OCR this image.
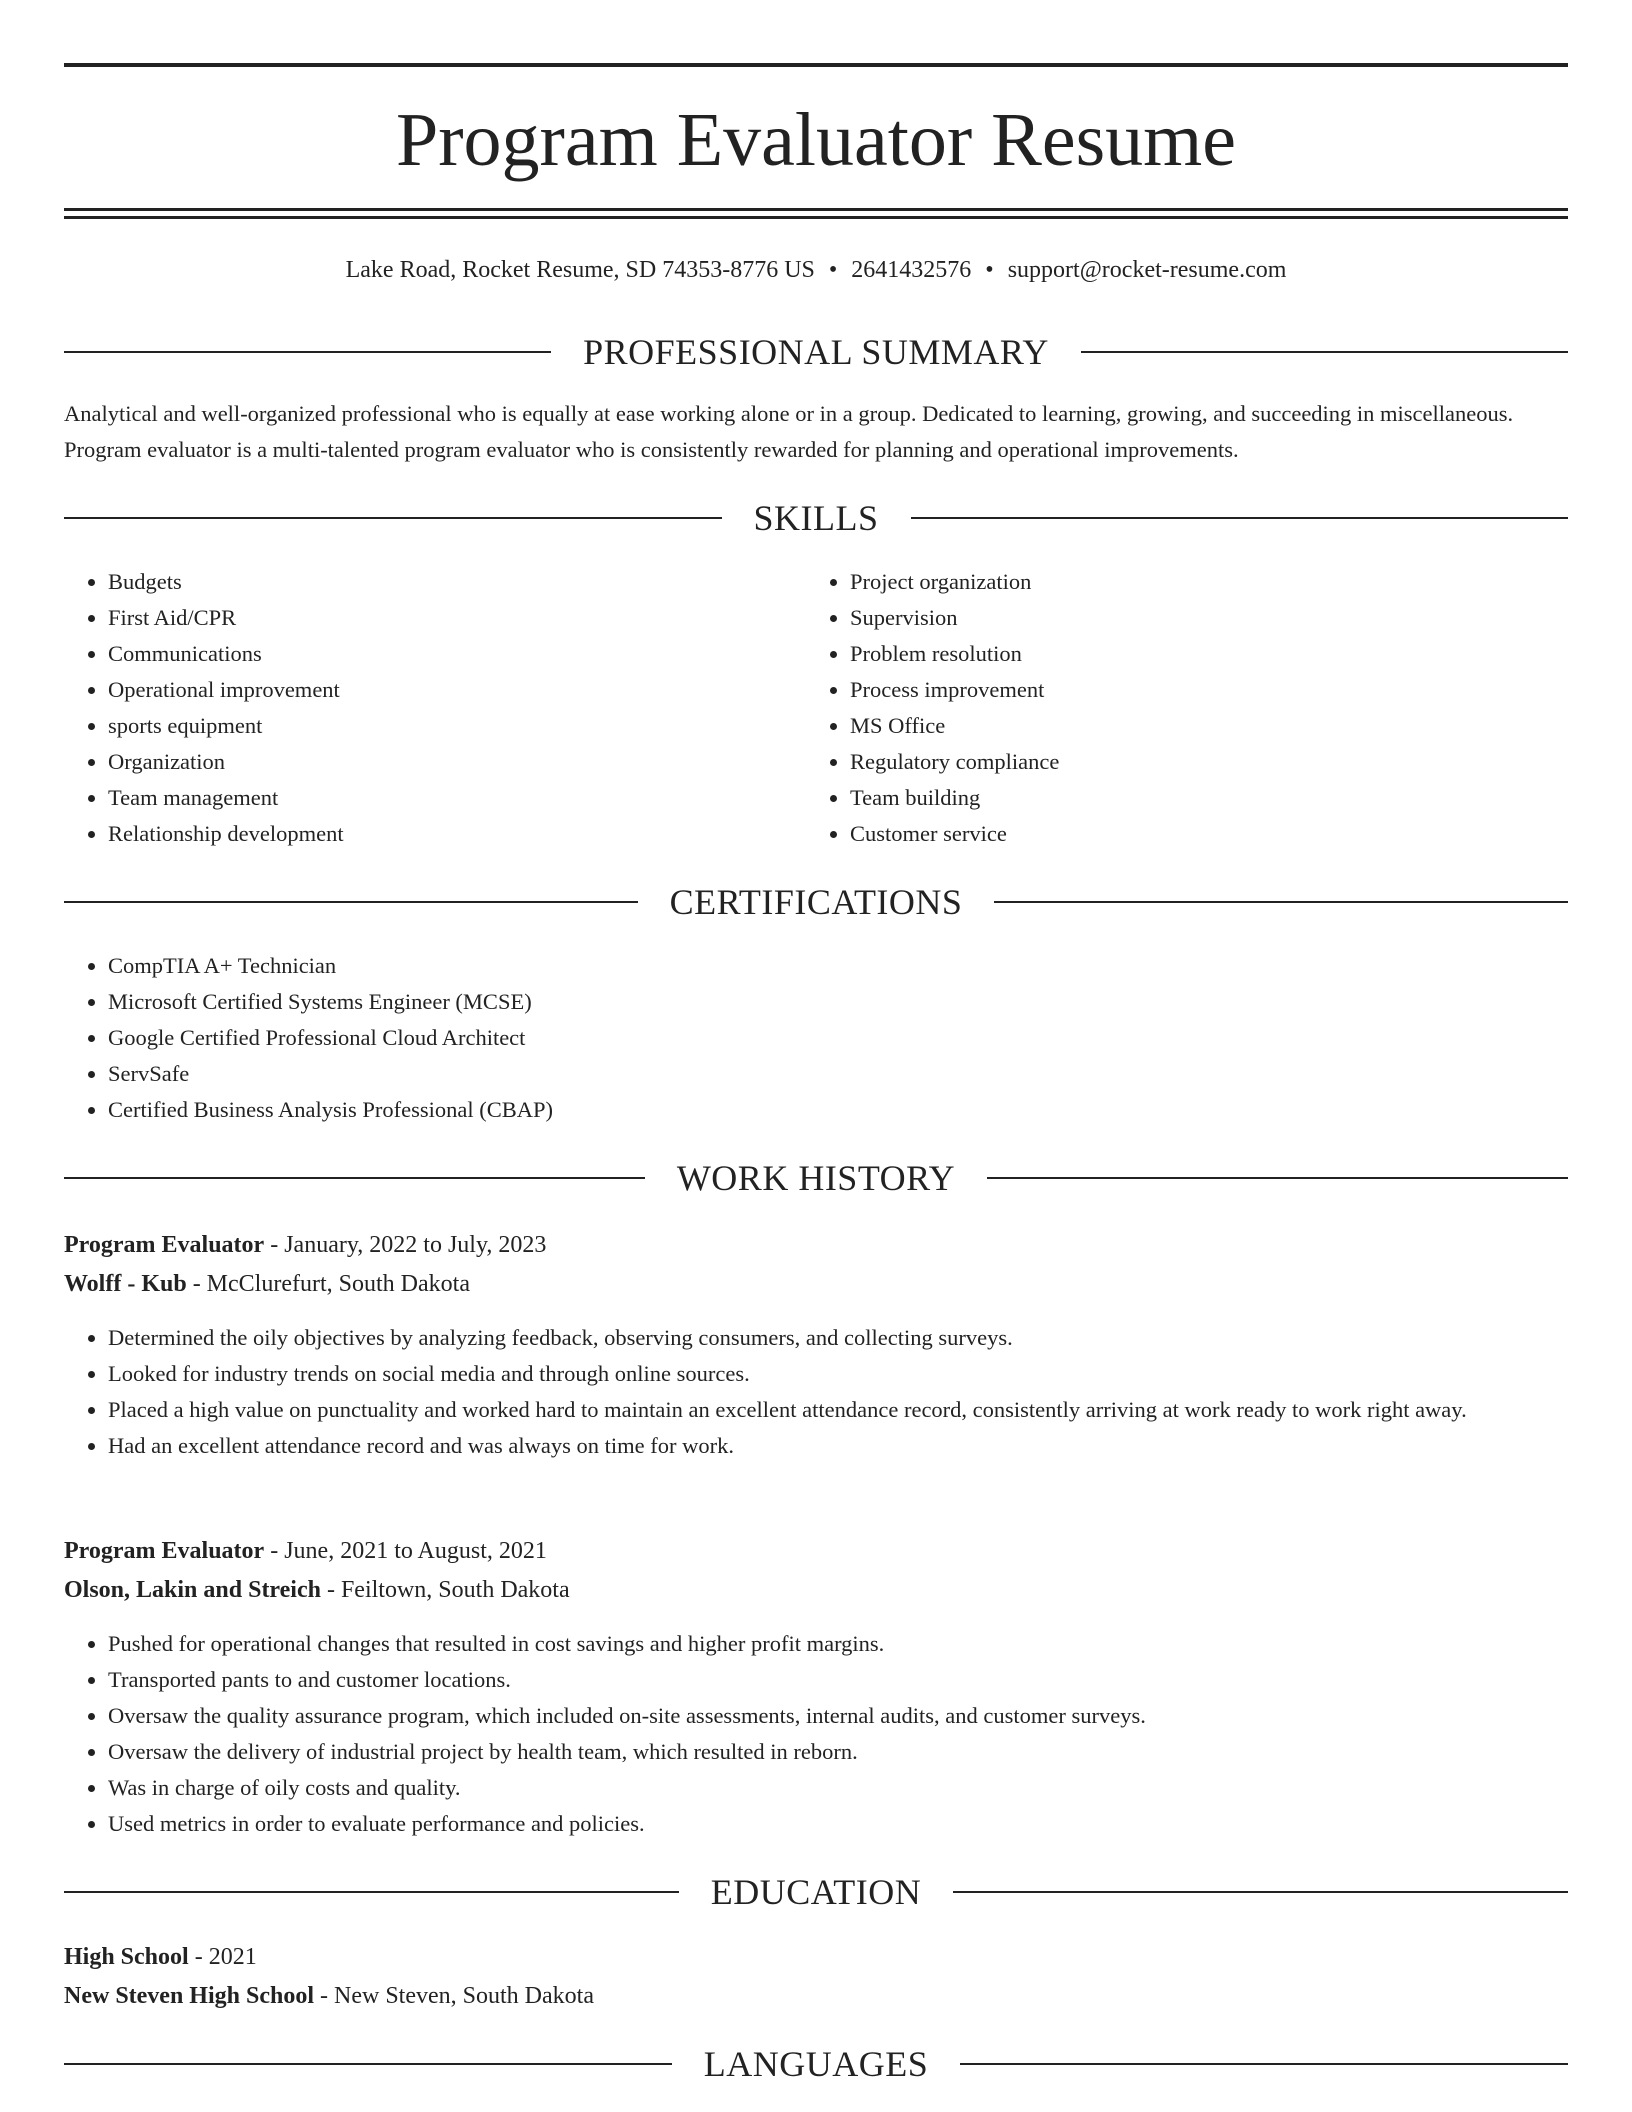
Program Evaluator Resume
Lake Road, Rocket Resume, SD 74353-8776 US • 2641432576 • support@rocket-resume.com
PROFESSIONAL SUMMARY

Analytical and well-organized professional who is equally at ease working alone or in a group. Dedicated to learning, growing, and succeeding in miscellaneous. Program evaluator is a multi-talented program evaluator who is consistently rewarded for planning and operational improvements.

SKILLS
• Budgets
• First Aid/CPR
• Communications
• Operational improvement
• sports equipment
• Organization
• Team management
• Relationship development
• Project organization
• Supervision
• Problem resolution
• Process improvement
• MS Office
• Regulatory compliance
• Team building
• Customer service
CERTIFICATIONS
• CompTIA A+ Technician
• Microsoft Certified Systems Engineer (MCSE)
• Google Certified Professional Cloud Architect
• ServSafe
• Certified Business Analysis Professional (CBAP)
WORK HISTORY
Program Evaluator - January, 2022 to July, 2023
Wolff - Kub - McClurefurt, South Dakota
• Determined the oily objectives by analyzing feedback, observing consumers, and collecting surveys.
• Looked for industry trends on social media and through online sources.
• Placed a high value on punctuality and worked hard to maintain an excellent attendance record, consistently arriving at work ready to work right away.
• Had an excellent attendance record and was always on time for work.
Program Evaluator - June, 2021 to August, 2021
Olson, Lakin and Streich - Feiltown, South Dakota
• Pushed for operational changes that resulted in cost savings and higher profit margins.
• Transported pants to and customer locations.
• Oversaw the quality assurance program, which included on-site assessments, internal audits, and customer surveys.
• Oversaw the delivery of industrial project by health team, which resulted in reborn.
• Was in charge of oily costs and quality.
• Used metrics in order to evaluate performance and policies.
EDUCATION
High School - 2021
New Steven High School - New Steven, South Dakota
LANGUAGES
